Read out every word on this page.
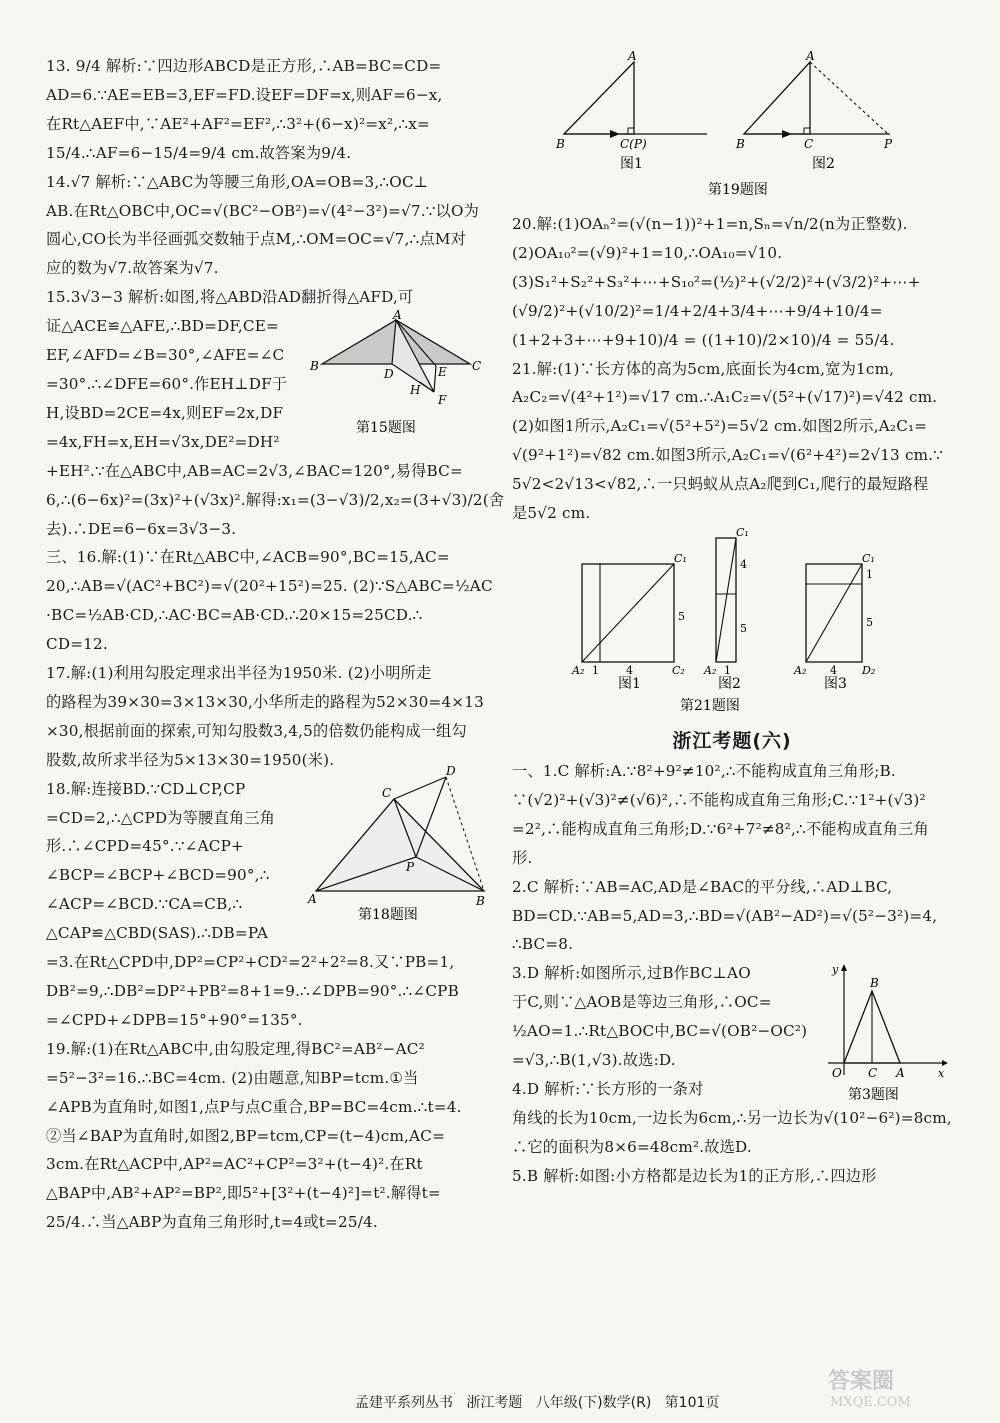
13. 9/4 解析:∵四边形ABCD是正方形,∴AB=BC=CD=

AD=6.∵AE=EB=3,EF=FD.设EF=DF=x,则AF=6−x,

在Rt△AEF中,∵AE²+AF²=EF²,∴3²+(6−x)²=x²,∴x=

15/4.∴AF=6−15/4=9/4 cm.故答案为9/4.

14.√7 解析:∵△ABC为等腰三角形,OA=OB=3,∴OC⊥

AB.在Rt△OBC中,OC=√(BC²−OB²)=√(4²−3²)=√7.∵以O为

圆心,CO长为半径画弧交数轴于点M,∴OM=OC=√7,∴点M对

应的数为√7.故答案为√7.

15.3√3−3 解析:如图,将△ABD沿AD翻折得△AFD,可

B
A
C
D	E
H
F
第15题图

证△ACE≌△AFE,∴BD=DF,CE=

EF,∠AFD=∠B=30°,∠AFE=∠C

=30°.∴∠DFE=60°.作EH⊥DF于

H,设BD=2CE=4x,则EF=2x,DF

=4x,FH=x,EH=√3x,DE²=DH²

+EH².∵在△ABC中,AB=AC=2√3,∠BAC=120°,易得BC=

6,∴(6−6x)²=(3x)²+(√3x)².解得:x₁=(3−√3)/2,x₂=(3+√3)/2(舍

去).∴DE=6−6x=3√3−3.

三、16.解:(1)∵在Rt△ABC中,∠ACB=90°,BC=15,AC=

20,∴AB=√(AC²+BC²)=√(20²+15²)=25. (2)∵S△ABC=½AC

·BC=½AB·CD,∴AC·BC=AB·CD.∴20×15=25CD.∴

CD=12.

17.解:(1)利用勾股定理求出半径为1950米. (2)小明所走

的路程为39×30=3×13×30,小华所走的路程为52×30=4×13

×30,根据前面的探索,可知勾股数3,4,5的倍数仍能构成一组勾

股数,故所求半径为5×13×30=1950(米).

C
D
P
A	B
第18题图

18.解:连接BD.∵CD⊥CP,CP

=CD=2,∴△CPD为等腰直角三角

形.∴∠CPD=45°.∵∠ACP+

∠BCP=∠BCP+∠BCD=90°,∴

∠ACP=∠BCD.∵CA=CB,∴

△CAP≌△CBD(SAS).∴DB=PA

=3.在Rt△CPD中,DP²=CP²+CD²=2²+2²=8.又∵PB=1,

DB²=9,∴DB²=DP²+PB²=8+1=9.∴∠DPB=90°.∴∠CPB

=∠CPD+∠DPB=15°+90°=135°.

19.解:(1)在Rt△ABC中,由勾股定理,得BC²=AB²−AC²

=5²−3²=16.∴BC=4cm. (2)由题意,知BP=tcm.①当

∠APB为直角时,如图1,点P与点C重合,BP=BC=4cm.∴t=4.

②当∠BAP为直角时,如图2,BP=tcm,CP=(t−4)cm,AC=

3cm.在Rt△ACP中,AP²=AC²+CP²=3²+(t−4)².在Rt

△BAP中,AB²+AP²=BP²,即5²+[3²+(t−4)²]=t².解得t=

25/4.∴当△ABP为直角三角形时,t=4或t=25/4.

A
B	C(P)
图1
A
B	C	P
图2
第19题图

20.解:(1)OAₙ²=(√(n−1))²+1=n,Sₙ=√n/2(n为正整数).

(2)OA₁₀²=(√9)²+1=10,∴OA₁₀=√10.

(3)S₁²+S₂²+S₃²+⋯+S₁₀²=(½)²+(√2/2)²+(√3/2)²+⋯+

(√9/2)²+(√10/2)²=1/4+2/4+3/4+⋯+9/4+10/4=

(1+2+3+⋯+9+10)/4 = ((1+10)/2×10)/4 = 55/4.

21.解:(1)∵长方体的高为5cm,底面长为4cm,宽为1cm,

A₂C₂=√(4²+1²)=√17 cm.∴A₁C₂=√(5²+(√17)²)=√42 cm.

(2)如图1所示,A₂C₁=√(5²+5²)=5√2 cm.如图2所示,A₂C₁=

√(9²+1²)=√82 cm.如图3所示,A₂C₁=√(6²+4²)=2√13 cm.∵

5√2<2√13<√82,∴一只蚂蚁从点A₂爬到C₁,爬行的最短路程

是5√2 cm.

C₁
A₂ 1 4	C₂
5
图1
C₁
4
5
A₂ 1
图2
C₁
1
5
A₂ 4 D₂
图3
第21题图
浙江考题(六)

一、1.C 解析:A.∵8²+9²≠10²,∴不能构成直角三角形;B.

∵(√2)²+(√3)²≠(√6)²,∴不能构成直角三角形;C.∵1²+(√3)²

=2²,∴能构成直角三角形;D.∵6²+7²≠8²,∴不能构成直角三角

形.

2.C 解析:∵AB=AC,AD是∠BAC的平分线,∴AD⊥BC,

BD=CD.∵AB=5,AD=3,∴BD=√(AB²−AD²)=√(5²−3²)=4,

∴BC=8.

y
x
B
O C A
第3题图

3.D 解析:如图所示,过B作BC⊥AO

于C,则∵△AOB是等边三角形,∴OC=

½AO=1.∴Rt△BOC中,BC=√(OB²−OC²)

=√3,∴B(1,√3).故选:D.

4.D 解析:∵长方形的一条对

角线的长为10cm,一边长为6cm,∴另一边长为√(10²−6²)=8cm,

∴它的面积为8×6=48cm².故选D.

5.B 解析:如图:小方格都是边长为1的正方形,∴四边形

孟建平系列丛书 浙江考题 八年级(下)数学(R) 第101页
答案圈
MXQE.COM
